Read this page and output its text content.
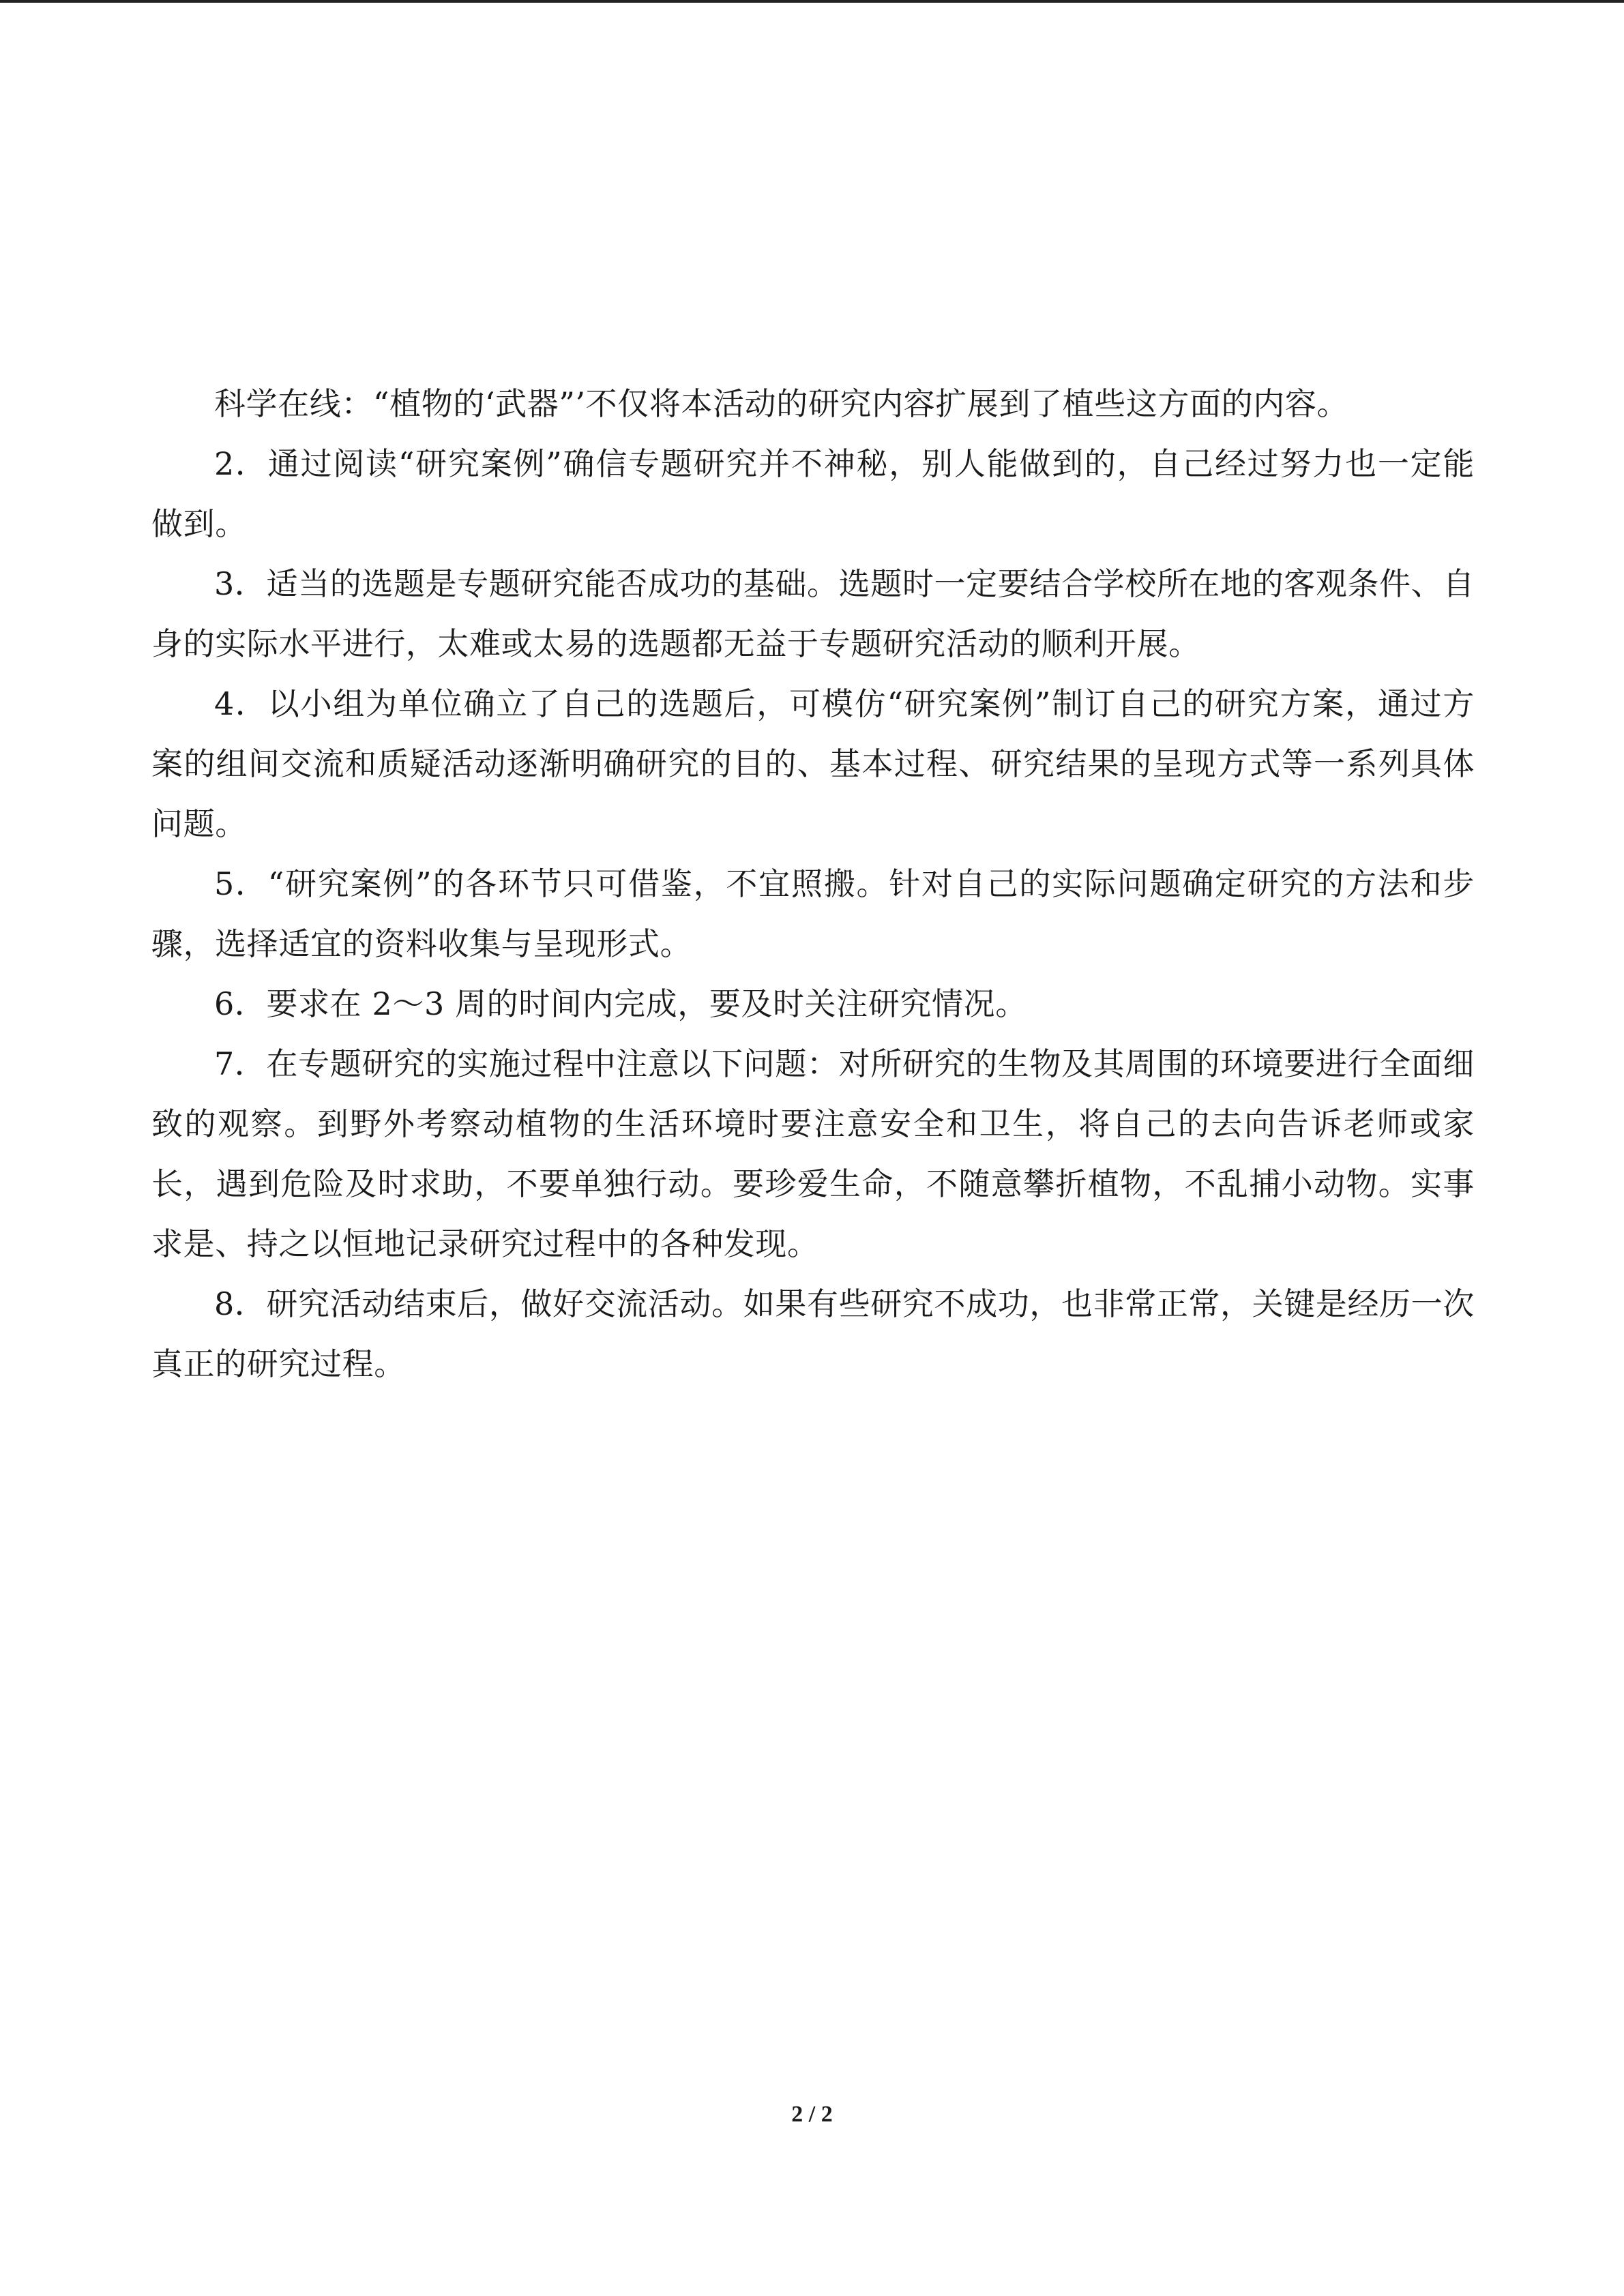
科学在线：“植物的‘武器”’不仅将本活动的研究内容扩展到了植些这方面的内容。

2．通过阅读“研究案例”确信专题研究并不神秘，别人能做到的，自己经过努力也一定能做到。

3．适当的选题是专题研究能否成功的基础。选题时一定要结合学校所在地的客观条件、自身的实际水平进行，太难或太易的选题都无益于专题研究活动的顺利开展。

4．以小组为单位确立了自己的选题后，可模仿“研究案例”制订自己的研究方案，通过方案的组间交流和质疑活动逐渐明确研究的目的、基本过程、研究结果的呈现方式等一系列具体问题。

5．“研究案例”的各环节只可借鉴，不宜照搬。针对自己的实际问题确定研究的方法和步骤，选择适宜的资料收集与呈现形式。

6．要求在 2～3 周的时间内完成，要及时关注研究情况。

7．在专题研究的实施过程中注意以下问题：对所研究的生物及其周围的环境要进行全面细致的观察。到野外考察动植物的生活环境时要注意安全和卫生，将自己的去向告诉老师或家长，遇到危险及时求助，不要单独行动。要珍爱生命，不随意攀折植物，不乱捕小动物。实事求是、持之以恒地记录研究过程中的各种发现。

8．研究活动结束后，做好交流活动。如果有些研究不成功，也非常正常，关键是经历一次真正的研究过程。

2 / 2
